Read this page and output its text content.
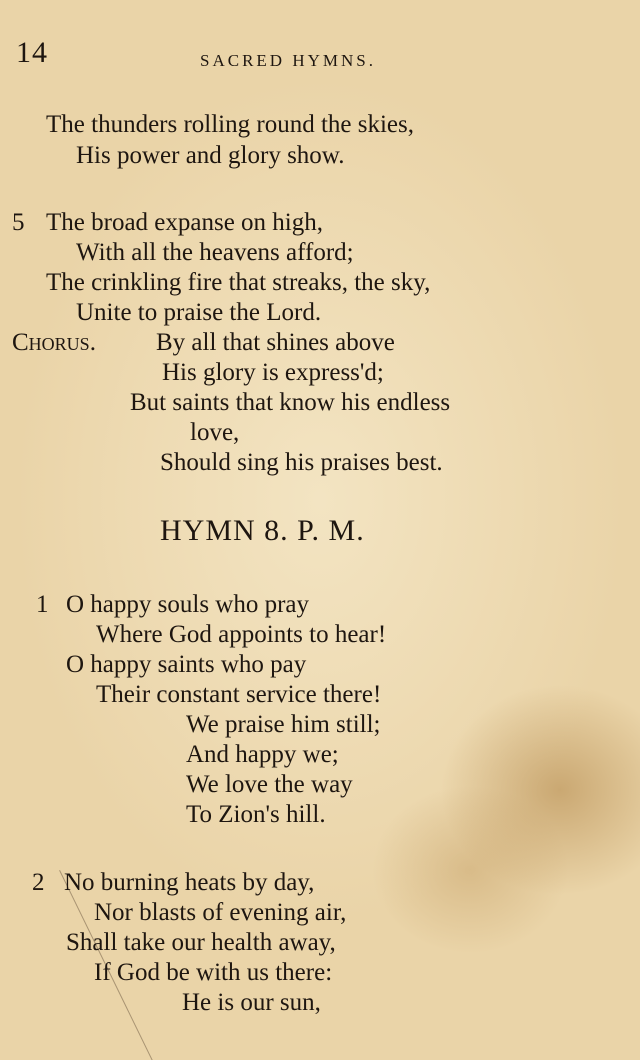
14	SACRED HYMNS.
The thunders rolling round the skies,
His power and glory show.
5 The broad expanse on high,
With all the heavens afford;
The crinkling fire that streaks, the sky,
Unite to praise the Lord.
Chorus. By all that shines above
His glory is express'd;
But saints that know his endless
love,
Should sing his praises best.
HYMN 8. P. M.
1 O happy souls who pray
Where God appoints to hear!
O happy saints who pay
Their constant service there!
We praise him still;
And happy we;
We love the way
To Zion's hill.
2 No burning heats by day,
Nor blasts of evening air,
Shall take our health away,
If God be with us there:
He is our sun,
